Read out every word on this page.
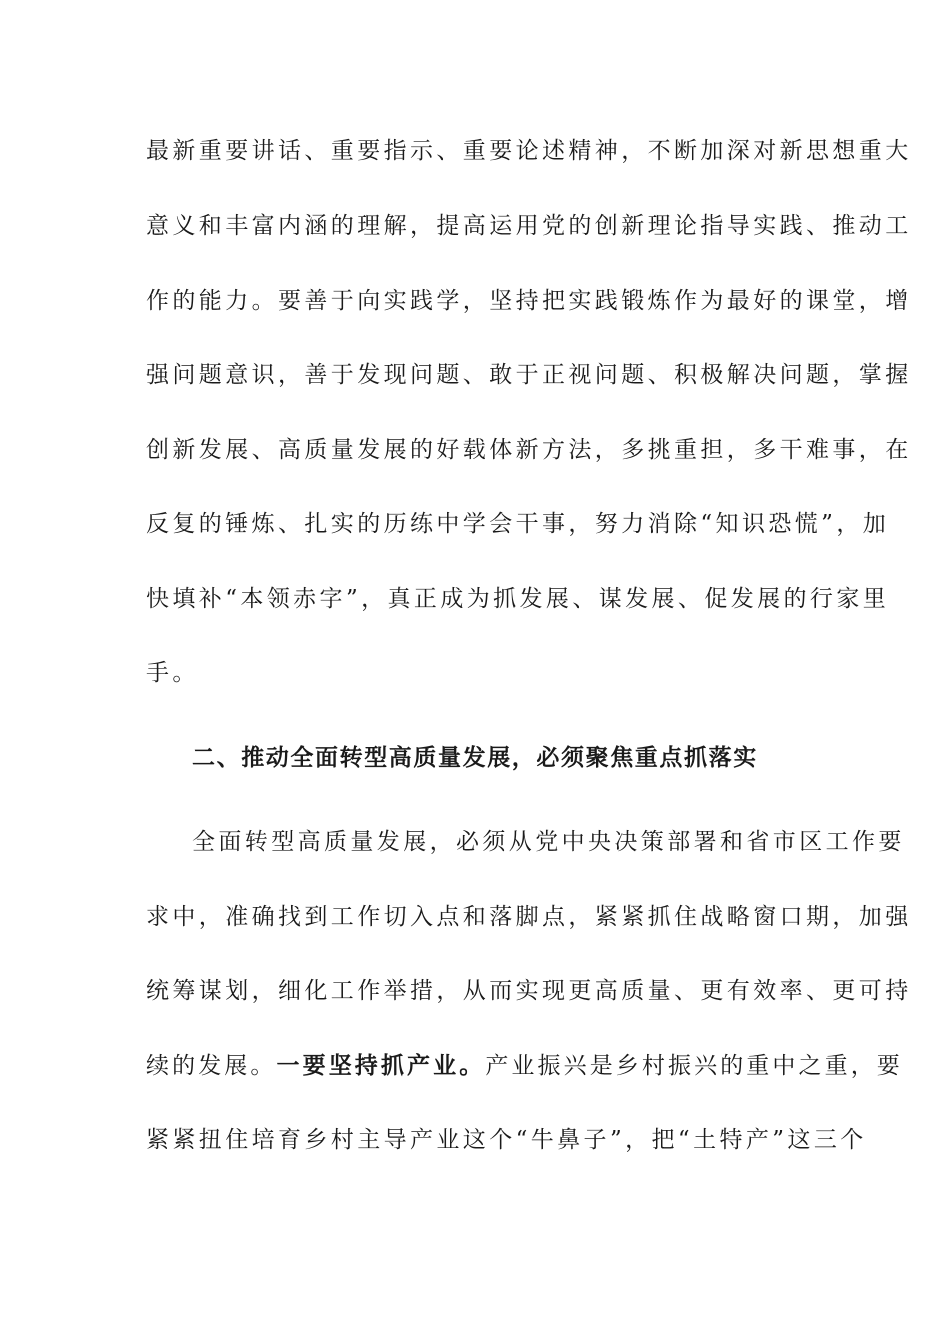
最新重要讲话、重要指示、重要论述精神，不断加深对新思想重大
意义和丰富内涵的理解，提高运用党的创新理论指导实践、推动工
作的能力。要善于向实践学，坚持把实践锻炼作为最好的课堂，增
强问题意识，善于发现问题、敢于正视问题、积极解决问题，掌握
创新发展、高质量发展的好载体新方法，多挑重担，多干难事，在
反复的锤炼、扎实的历练中学会干事，努力消除“知识恐慌”，加
快填补“本领赤字”，真正成为抓发展、谋发展、促发展的行家里
手。
二、推动全面转型高质量发展，必须聚焦重点抓落实
全面转型高质量发展，必须从党中央决策部署和省市区工作要
求中，准确找到工作切入点和落脚点，紧紧抓住战略窗口期，加强
统筹谋划，细化工作举措，从而实现更高质量、更有效率、更可持
续的发展。一要坚持抓产业。产业振兴是乡村振兴的重中之重，要
紧紧扭住培育乡村主导产业这个“牛鼻子”，把“土特产”这三个
